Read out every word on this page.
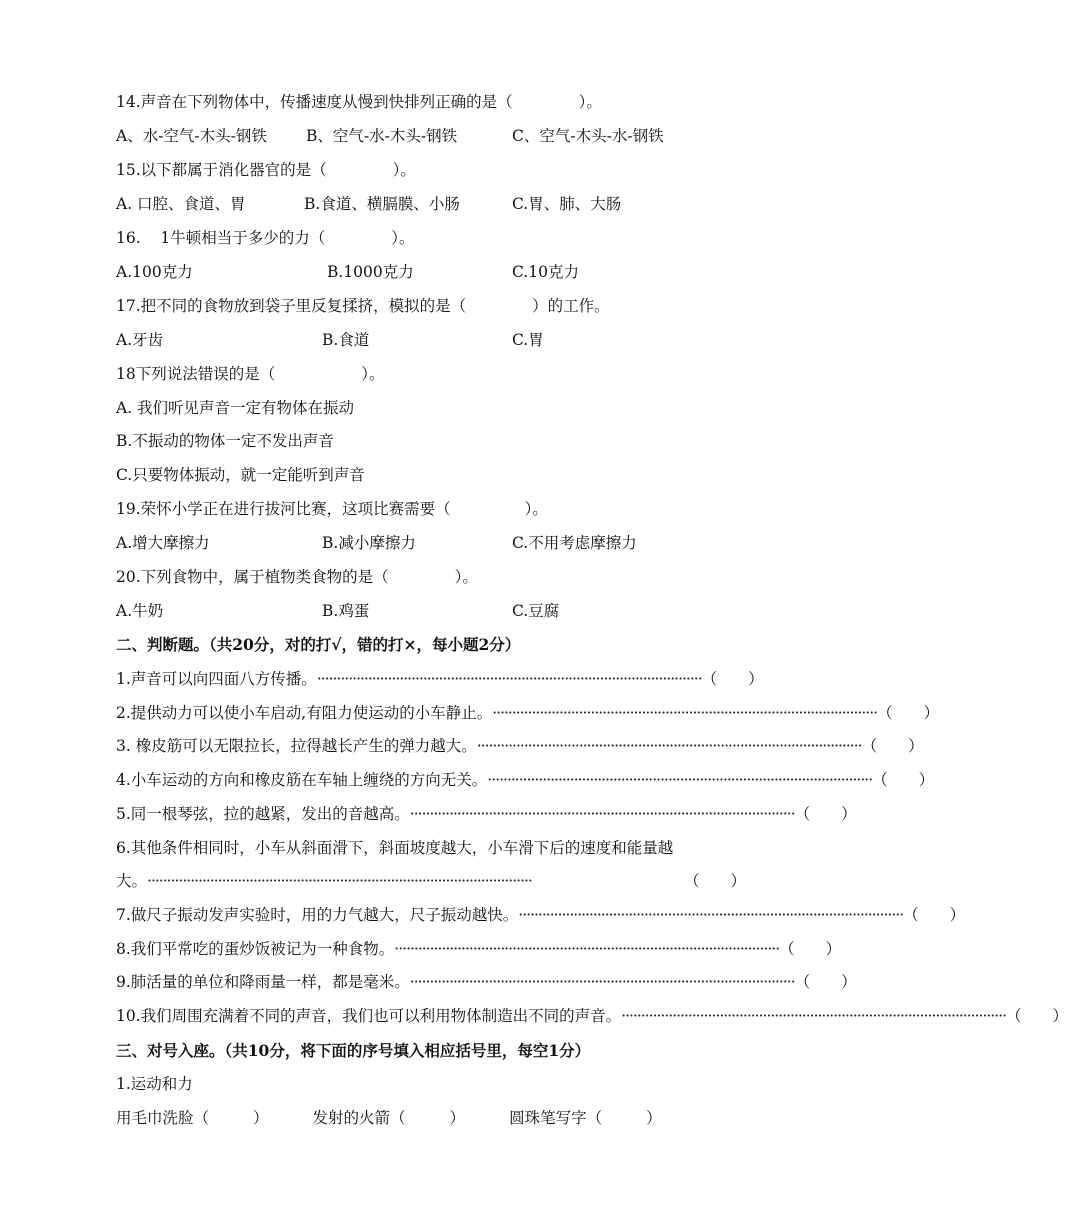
14.声音在下列物体中，传播速度从慢到快排列正确的是（	）。
A、水-空气-木头-钢铁	B、空气-水-木头-钢铁	C、空气-木头-水-钢铁
15.以下都属于消化器官的是（	）。
A. 口腔、食道、胃	B.食道、横膈膜、小肠	C.胃、肺、大肠
16.    1牛顿相当于多少的力（	）。
A.100克力	B.1000克力	C.10克力
17.把不同的食物放到袋子里反复揉挤，模拟的是（	）的工作。
A.牙齿	B.食道	C.胃
18下列说法错误的是（	）。
A. 我们听见声音一定有物体在振动
B.不振动的物体一定不发出声音
C.只要物体振动，就一定能听到声音
19.荣怀小学正在进行拔河比赛，这项比赛需要（	）。
A.增大摩擦力	B.减小摩擦力	C.不用考虑摩擦力
20.下列食物中，属于植物类食物的是（	）。
A.牛奶	B.鸡蛋	C.豆腐
二、判断题。（共20分，对的打√，错的打×，每小题2分）
1.声音可以向四面八方传播。 ·································································································· （ ）
2.提供动力可以使小车启动,有阻力使运动的小车静止。 ·································································································· （ ）
3. 橡皮筋可以无限拉长，拉得越长产生的弹力越大。 ·································································································· （ ）
4.小车运动的方向和橡皮筋在车轴上缠绕的方向无关。 ·································································································· （ ）
5.同一根琴弦，拉的越紧，发出的音越高。 ·································································································· （ ）
6.其他条件相同时，小车从斜面滑下，斜面坡度越大，小车滑下后的速度和能量越
大。 ··································································································	（ ）
7.做尺子振动发声实验时，用的力气越大，尺子振动越快。 ·································································································· （ ）
8.我们平常吃的蛋炒饭被记为一种食物。 ·································································································· （ ）
9.肺活量的单位和降雨量一样，都是毫米。 ·································································································· （ ）
10.我们周围充满着不同的声音，我们也可以利用物体制造出不同的声音。 ·································································································· （ ）
三、对号入座。（共10分，将下面的序号填入相应括号里，每空1分）
1.运动和力
用毛巾洗脸（	）	发射的火箭（	）	圆珠笔写字（	）
